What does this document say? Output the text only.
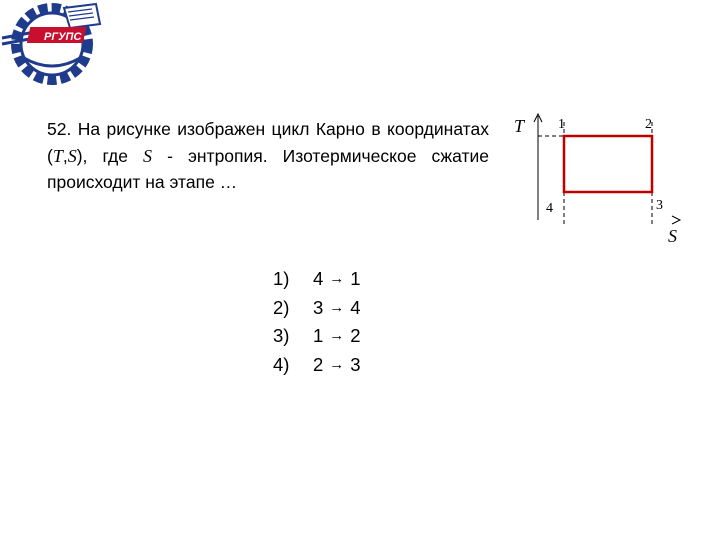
РГУПС
52. На рисунке изображен цикл Карно в координатах (T,S), где S - энтропия. Изотермическое сжатие происходит на этапе …
T 1	2
3
4
S
1)	4 → 1
2)	3 → 4
3)	1 → 2
4)	2 → 3
